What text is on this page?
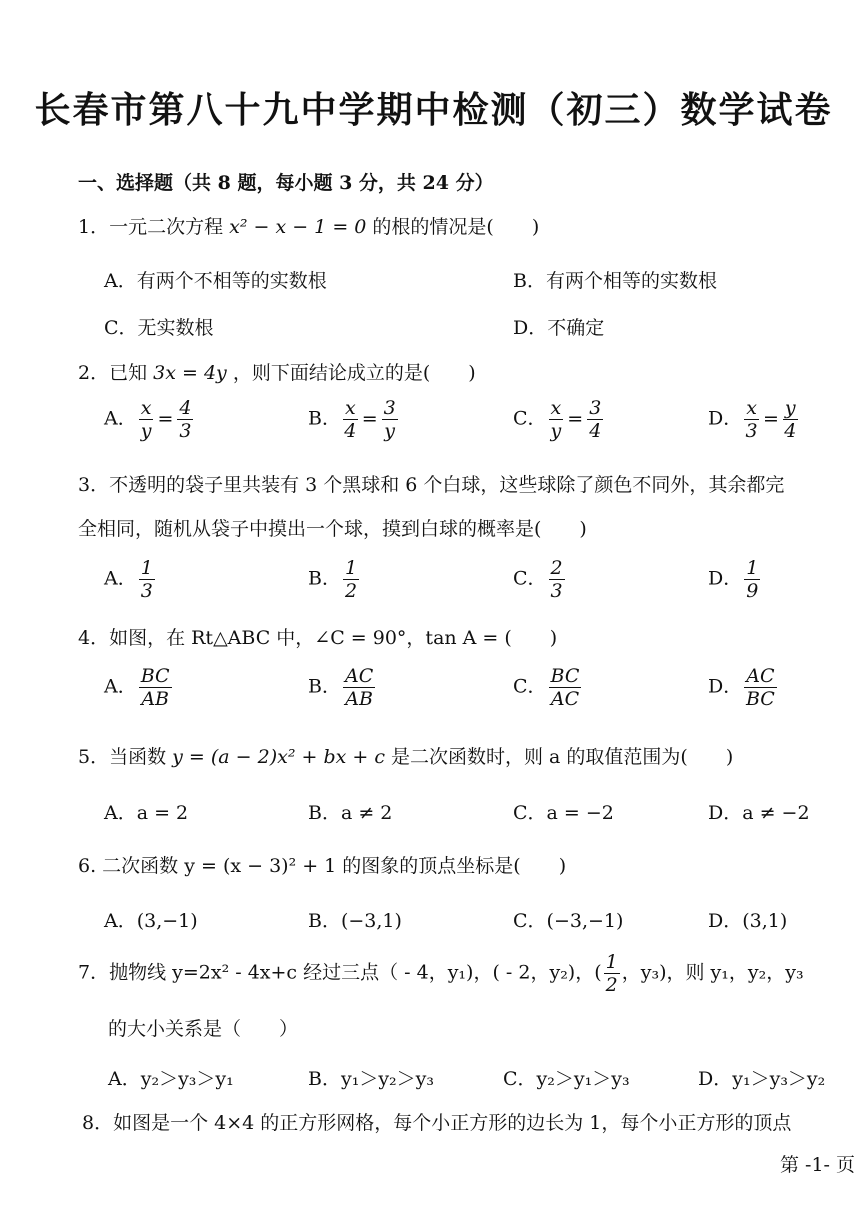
长春市第八十九中学期中检测（初三）数学试卷
一、选择题（共 8 题，每小题 3 分，共 24 分）
1．一元二次方程 x² − x − 1 = 0 的根的情况是(　　)
A．有两个不相等的实数根	B．有两个相等的实数根
C．无实数根	D．不确定
2．已知 3x = 4y ，则下面结论成立的是(　　)
A． $\frac{x}{y} = \frac{4}{3}$	B． $\frac{x}{4} = \frac{3}{y}$	C． $\frac{x}{y} = \frac{3}{4}$	D． $\frac{x}{3} = \frac{y}{4}$
3．不透明的袋子里共装有 3 个黑球和 6 个白球，这些球除了颜色不同外，其余都完
全相同，随机从袋子中摸出一个球，摸到白球的概率是(　　)
A． $\frac{1}{3}$	B． $\frac{1}{2}$	C． $\frac{2}{3}$	D． $\frac{1}{9}$
4．如图，在 Rt△ABC 中，∠C = 90°，tan A = (　　)
A． $\frac{BC}{AB}$	B． $\frac{AC}{AB}$	C． $\frac{BC}{AC}$	D． $\frac{AC}{BC}$
5．当函数 y = (a − 2)x² + bx + c 是二次函数时，则 a 的取值范围为(　　)
A．a = 2	B．a ≠ 2	C．a = −2	D．a ≠ −2
6. 二次函数 y = (x − 3)² + 1 的图象的顶点坐标是(　　)
A．(3,−1)	B．(−3,1)	C．(−3,−1)	D．(3,1)
7．抛物线 y=2x² - 4x+c 经过三点（ - 4，y₁)，( - 2，y₂)，( $\frac{1}{2}$ ，y₃)，则 y₁，y₂，y₃
的大小关系是（　　）
A．y₂＞y₃＞y₁	B．y₁＞y₂＞y₃	C．y₂＞y₁＞y₃	D．y₁＞y₃＞y₂
8．如图是一个 4×4 的正方形网格，每个小正方形的边长为 1，每个小正方形的顶点
第 -1- 页
